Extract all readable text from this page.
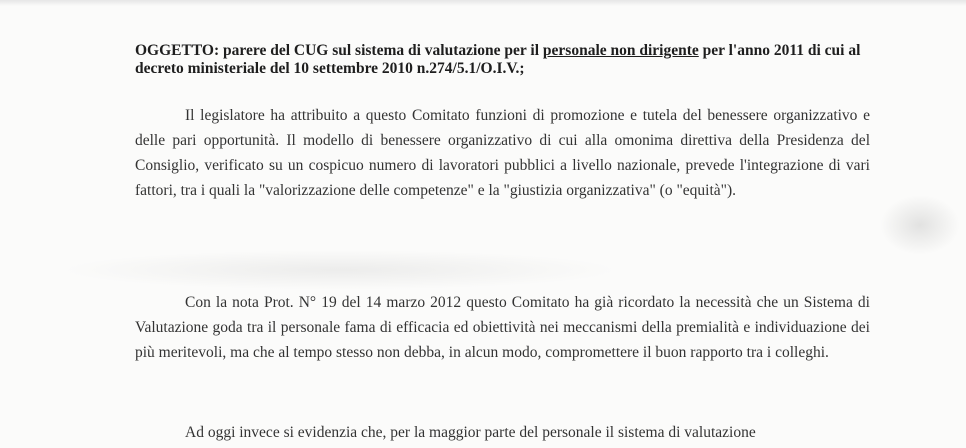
OGGETTO: parere del CUG sul sistema di valutazione per il personale non dirigente per l'anno 2011 di cui al decreto ministeriale del 10 settembre 2010 n.274/5.1/O.I.V.;

Il legislatore ha attribuito a questo Comitato funzioni di promozione e tutela del benessere organizzativo e delle pari opportunità. Il modello di benessere organizzativo di cui alla omonima direttiva della Presidenza del Consiglio, verificato su un cospicuo numero di lavoratori pubblici a livello nazionale, prevede l'integrazione di vari fattori, tra i quali la "valorizzazione delle competenze" e la "giustizia organizzativa" (o "equità").

Con la nota Prot. N° 19 del 14 marzo 2012 questo Comitato ha già ricordato la necessità che un Sistema di Valutazione goda tra il personale fama di efficacia ed obiettività nei meccanismi della premialità e individuazione dei più meritevoli, ma che al tempo stesso non debba, in alcun modo, compromettere il buon rapporto tra i colleghi.

Ad oggi invece si evidenzia che, per la maggior parte del personale il sistema di valutazione
